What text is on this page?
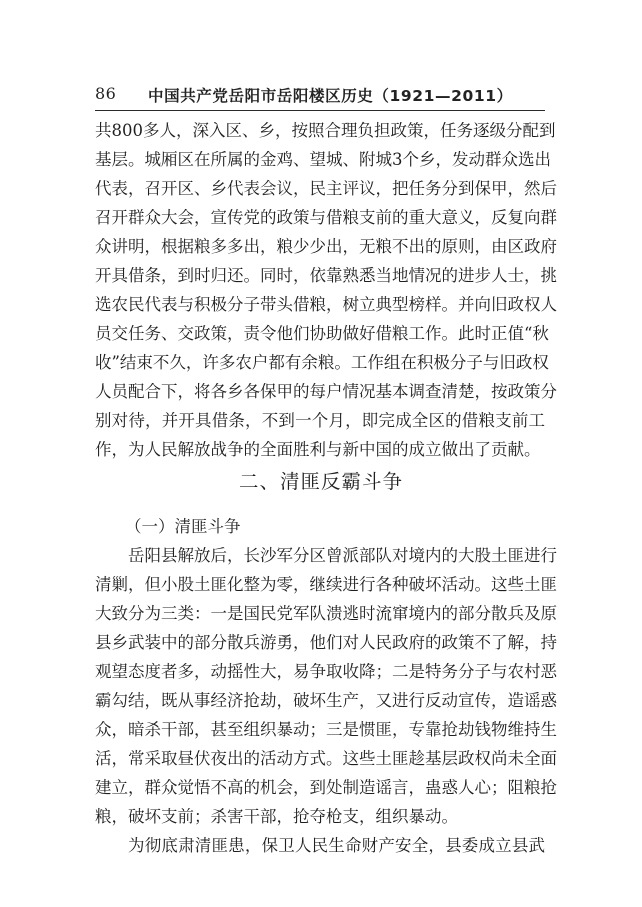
86 中国共产党岳阳市岳阳楼区历史（1921—2011）
共800多人，深入区、乡，按照合理负担政策，任务逐级分配到
基层。城厢区在所属的金鸡、望城、附城3个乡，发动群众选出
代表，召开区、乡代表会议，民主评议，把任务分到保甲，然后
召开群众大会，宣传党的政策与借粮支前的重大意义，反复向群
众讲明，根据粮多多出，粮少少出，无粮不出的原则，由区政府
开具借条，到时归还。同时，依靠熟悉当地情况的进步人士，挑
选农民代表与积极分子带头借粮，树立典型榜样。并向旧政权人
员交任务、交政策，责令他们协助做好借粮工作。此时正值“秋
收”结束不久，许多农户都有余粮。工作组在积极分子与旧政权
人员配合下，将各乡各保甲的每户情况基本调查清楚，按政策分
别对待，并开具借条，不到一个月，即完成全区的借粮支前工
作，为人民解放战争的全面胜利与新中国的成立做出了贡献。
二、清匪反霸斗争
（一）清匪斗争
岳阳县解放后，长沙军分区曾派部队对境内的大股土匪进行
清剿，但小股土匪化整为零，继续进行各种破坏活动。这些土匪
大致分为三类：一是国民党军队溃逃时流窜境内的部分散兵及原
县乡武装中的部分散兵游勇，他们对人民政府的政策不了解，持
观望态度者多，动摇性大，易争取收降；二是特务分子与农村恶
霸勾结，既从事经济抢劫，破坏生产，又进行反动宣传，造谣惑
众，暗杀干部，甚至组织暴动；三是惯匪，专靠抢劫钱物维持生
活，常采取昼伏夜出的活动方式。这些土匪趁基层政权尚未全面
建立，群众觉悟不高的机会，到处制造谣言，蛊惑人心；阻粮抢
粮，破坏支前；杀害干部，抢夺枪支，组织暴动。
为彻底肃清匪患，保卫人民生命财产安全，县委成立县武
